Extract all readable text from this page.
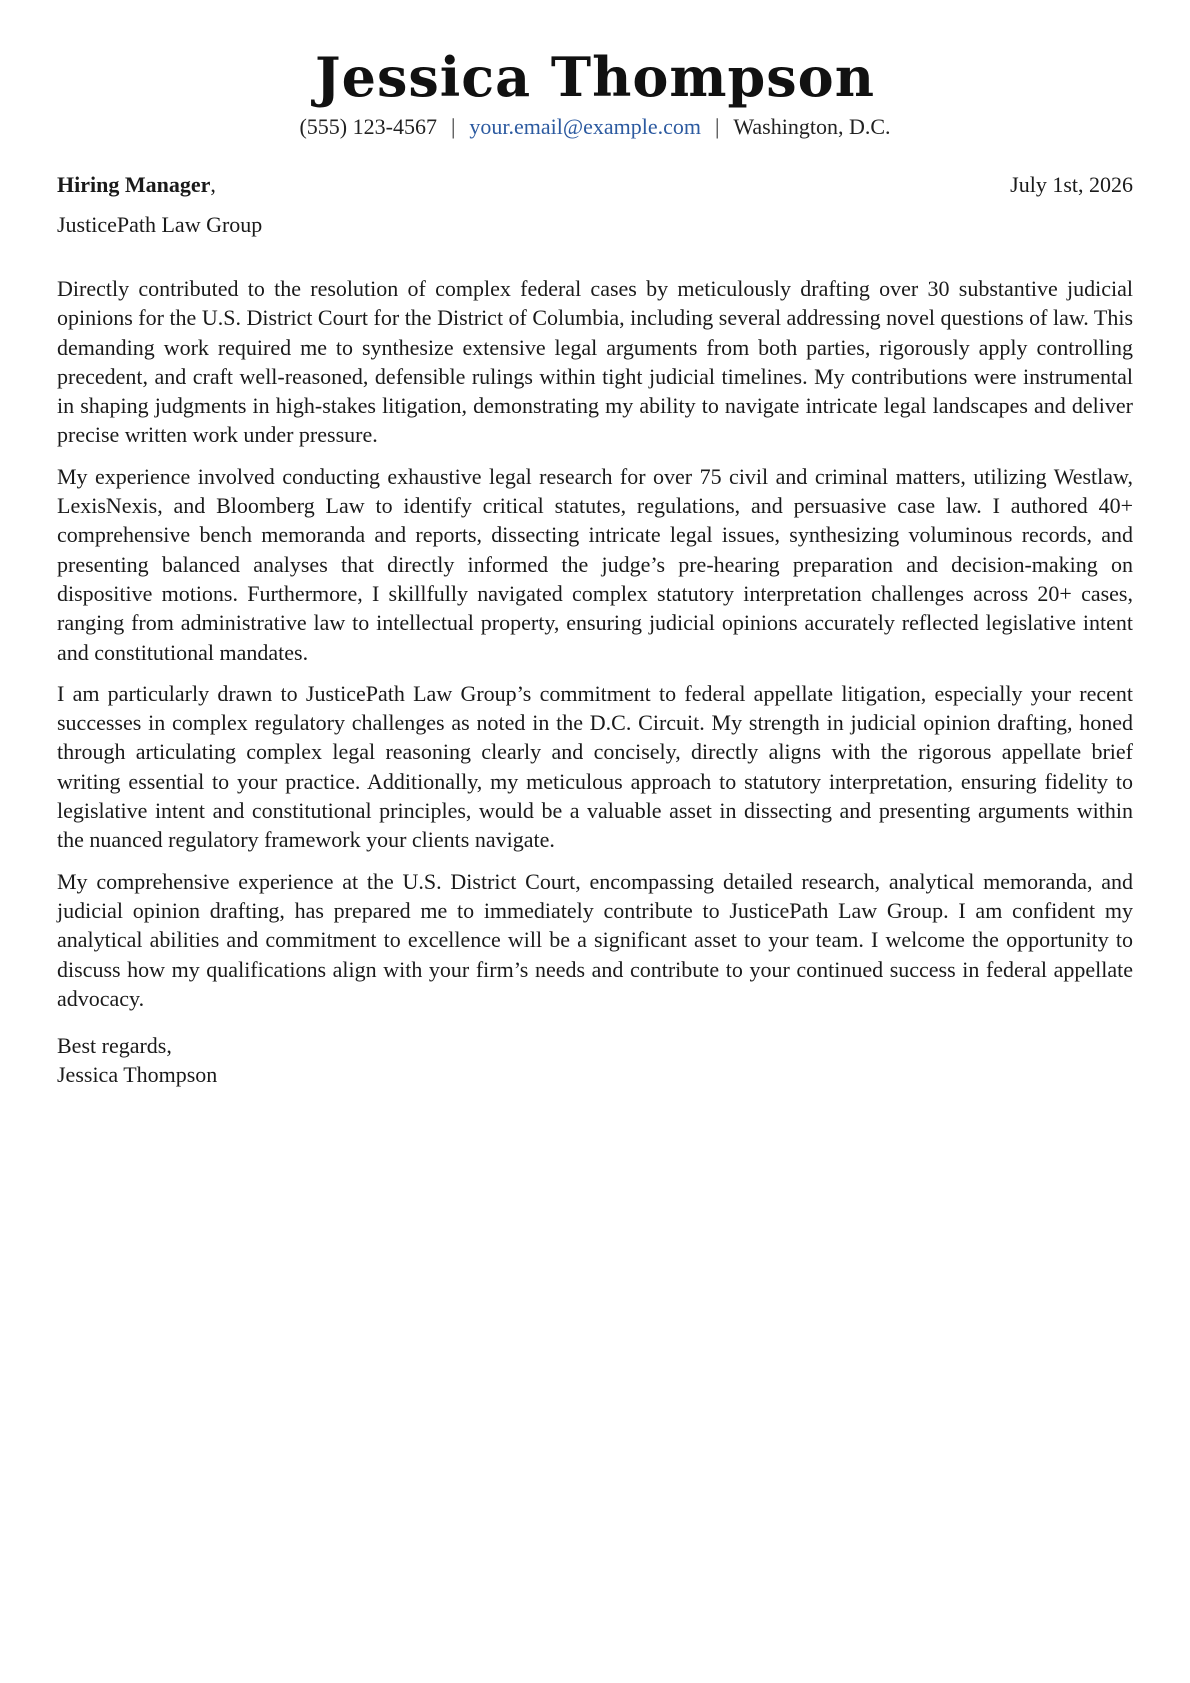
Jessica Thompson
(555) 123-4567 | your.email@example.com | Washington, D.C.
Hiring Manager,	July 1st, 2026
JusticePath Law Group

Directly contributed to the resolution of complex federal cases by meticulously drafting over 30 substantive judicial opinions for the U.S. District Court for the District of Columbia, including several addressing novel questions of law. This demanding work required me to synthesize extensive legal arguments from both parties, rigorously apply controlling precedent, and craft well-reasoned, defensible rulings within tight judicial timelines. My contributions were instrumental in shaping judgments in high-stakes litigation, demonstrating my ability to navigate intricate legal landscapes and deliver precise written work under pressure.

My experience involved conducting exhaustive legal research for over 75 civil and criminal matters, utilizing Westlaw, LexisNexis, and Bloomberg Law to identify critical statutes, regulations, and persuasive case law. I authored 40+ comprehensive bench memoranda and reports, dissecting intricate legal issues, synthesizing voluminous records, and presenting balanced analyses that directly informed the judge’s pre-hearing preparation and decision-making on dispositive motions. Furthermore, I skillfully navigated complex statutory interpretation challenges across 20+ cases, ranging from administrative law to intellectual property, ensuring judicial opinions accurately reflected legislative intent and constitutional mandates.

I am particularly drawn to JusticePath Law Group’s commitment to federal appellate litigation, especially your recent successes in complex regulatory challenges as noted in the D.C. Circuit. My strength in judicial opinion drafting, honed through articulating complex legal reasoning clearly and concisely, directly aligns with the rigorous appellate brief writing essential to your practice. Additionally, my meticulous approach to statutory interpretation, ensuring fidelity to legislative intent and constitutional principles, would be a valuable asset in dissecting and presenting arguments within the nuanced regulatory framework your clients navigate.

My comprehensive experience at the U.S. District Court, encompassing detailed research, analytical memoranda, and judicial opinion drafting, has prepared me to immediately contribute to JusticePath Law Group. I am confident my analytical abilities and commitment to excellence will be a significant asset to your team. I welcome the opportunity to discuss how my qualifications align with your firm’s needs and contribute to your continued success in federal appellate advocacy.

Best regards,
Jessica Thompson
